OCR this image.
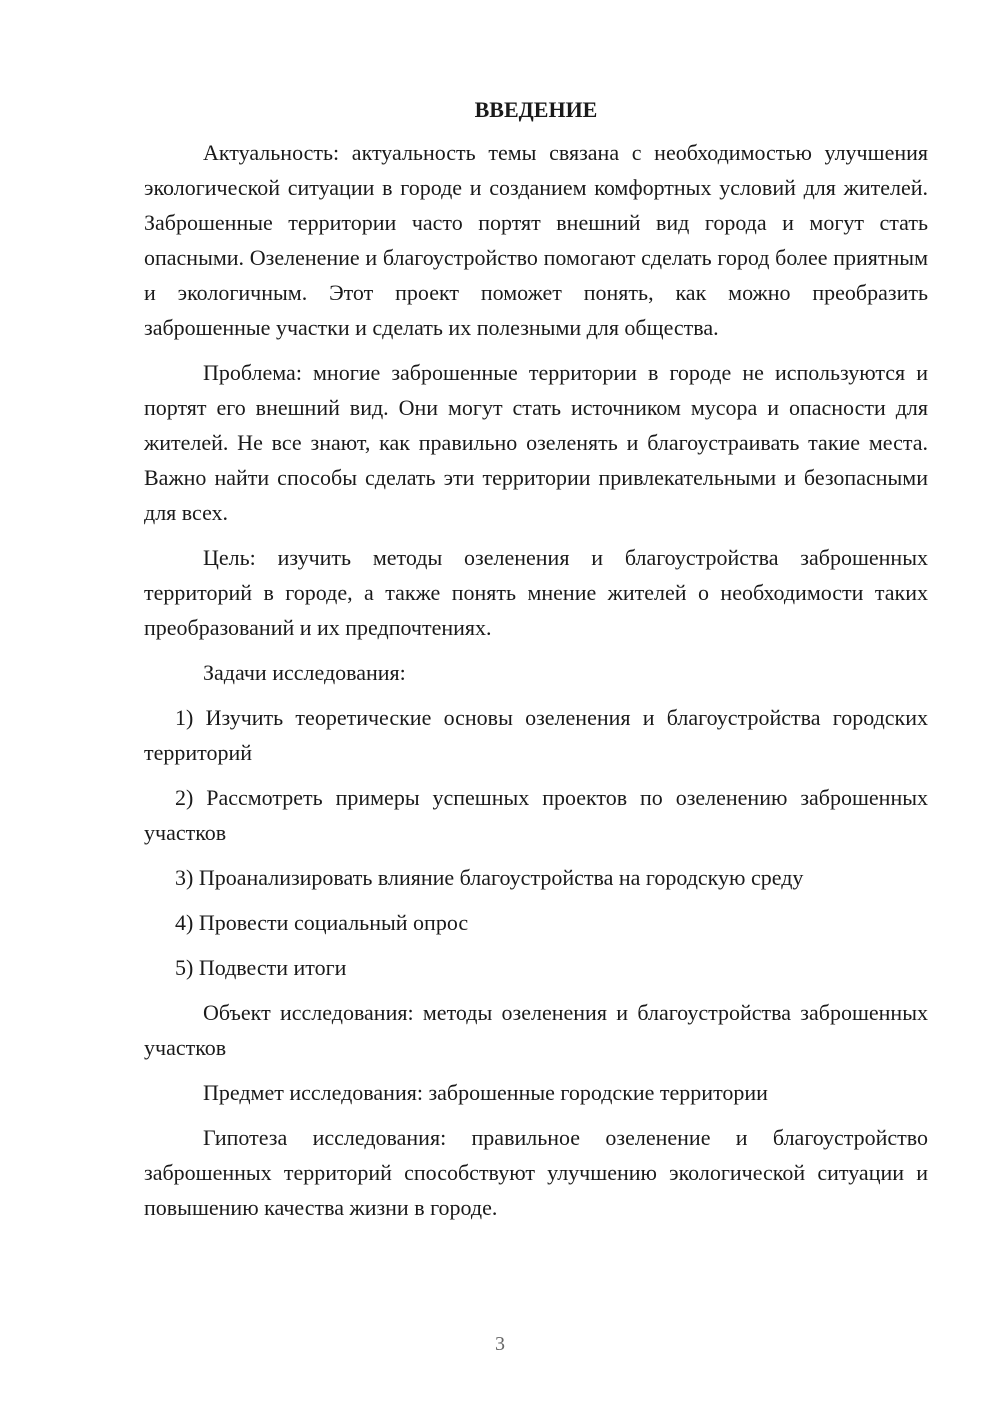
ВВЕДЕНИЕ

Актуальность: актуальность темы связана с необходимостью улучшения экологической ситуации в городе и созданием комфортных условий для жителей. Заброшенные территории часто портят внешний вид города и могут стать опасными. Озеленение и благоустройство помогают сделать город более приятным и экологичным. Этот проект поможет понять, как можно преобразить заброшенные участки и сделать их полезными для общества.

Проблема: многие заброшенные территории в городе не используются и портят его внешний вид. Они могут стать источником мусора и опасности для жителей. Не все знают, как правильно озеленять и благоустраивать такие места. Важно найти способы сделать эти территории привлекательными и безопасными для всех.

Цель: изучить методы озеленения и благоустройства заброшенных территорий в городе, а также понять мнение жителей о необходимости таких преобразований и их предпочтениях.

Задачи исследования:

1) Изучить теоретические основы озеленения и благоустройства городских территорий

2) Рассмотреть примеры успешных проектов по озеленению заброшенных участков

3) Проанализировать влияние благоустройства на городскую среду

4) Провести социальный опрос

5) Подвести итоги

Объект исследования: методы озеленения и благоустройства заброшенных участков

Предмет исследования: заброшенные городские территории

Гипотеза исследования: правильное озеленение и благоустройство заброшенных территорий способствуют улучшению экологической ситуации и повышению качества жизни в городе.

3
